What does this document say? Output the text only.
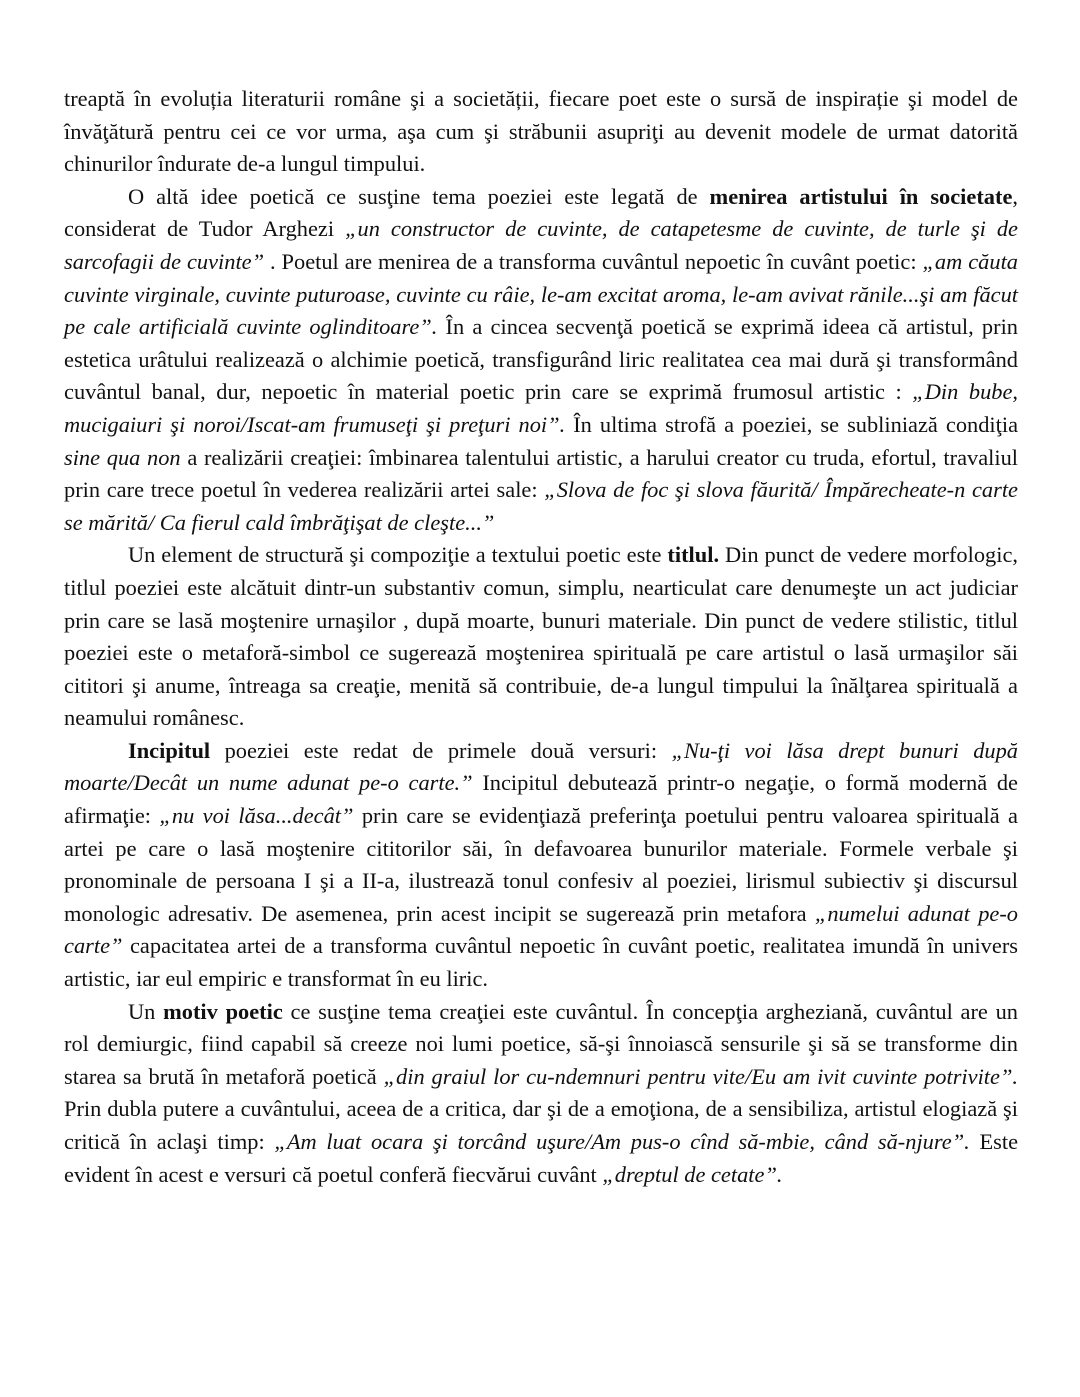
treaptă în evoluția literaturii române şi a societății, fiecare poet este o sursă de inspirație şi model de învăţătură pentru cei ce vor urma, aşa cum şi străbunii asupriţi au devenit modele de urmat datorită chinurilor îndurate de-a lungul timpului.

O altă idee poetică ce susţine tema poeziei este legată de menirea artistului în societate, considerat de Tudor Arghezi „un constructor de cuvinte, de catapetesme de cuvinte, de turle şi de sarcofagii de cuvinte” . Poetul are menirea de a transforma cuvântul nepoetic în cuvânt poetic: „am căuta cuvinte virginale, cuvinte puturoase, cuvinte cu râie, le-am excitat aroma, le-am avivat rănile...şi am făcut pe cale artificială cuvinte oglinditoare”. În a cincea secvenţă poetică se exprimă ideea că artistul, prin estetica urâtului realizează o alchimie poetică, transfigurând liric realitatea cea mai dură şi transformând cuvântul banal, dur, nepoetic în material poetic prin care se exprimă frumosul artistic : „Din bube, mucigaiuri şi noroi/Iscat-am frumuseţi şi preţuri noi”. În ultima strofă a poeziei, se subliniază condiţia sine qua non a realizării creaţiei: îmbinarea talentului artistic, a harului creator cu truda, efortul, travaliul prin care trece poetul în vederea realizării artei sale: „Slova de foc şi slova făurită/ Împărecheate-n carte se mărită/ Ca fierul cald îmbrăţişat de cleşte...”

Un element de structură şi compoziţie a textului poetic este titlul. Din punct de vedere morfologic, titlul poeziei este alcătuit dintr-un substantiv comun, simplu, nearticulat care denumeşte un act judiciar prin care se lasă moştenire urnaşilor , după moarte, bunuri materiale. Din punct de vedere stilistic, titlul poeziei este o metaforă-simbol ce sugerează moştenirea spirituală pe care artistul o lasă urmaşilor săi cititori şi anume, întreaga sa creaţie, menită să contribuie, de-a lungul timpului la înălţarea spirituală a neamului românesc.

Incipitul poeziei este redat de primele două versuri: „Nu-ţi voi lăsa drept bunuri după moarte/Decât un nume adunat pe-o carte.” Incipitul debutează printr-o negaţie, o formă modernă de afirmaţie: „nu voi lăsa...decât” prin care se evidenţiază preferinţa poetului pentru valoarea spirituală a artei pe care o lasă moştenire cititorilor săi, în defavoarea bunurilor materiale. Formele verbale şi pronominale de persoana I şi a II-a, ilustrează tonul confesiv al poeziei, lirismul subiectiv şi discursul monologic adresativ. De asemenea, prin acest incipit se sugerează prin metafora „numelui adunat pe-o carte” capacitatea artei de a transforma cuvântul nepoetic în cuvânt poetic, realitatea imundă în univers artistic, iar eul empiric e transformat în eu liric.

Un motiv poetic ce susţine tema creaţiei este cuvântul. În concepţia argheziană, cuvântul are un rol demiurgic, fiind capabil să creeze noi lumi poetice, să-şi înnoiască sensurile şi să se transforme din starea sa brută în metaforă poetică „din graiul lor cu-ndemnuri pentru vite/Eu am ivit cuvinte potrivite”. Prin dubla putere a cuvântului, aceea de a critica, dar şi de a emoţiona, de a sensibiliza, artistul elogiază şi critică în aclaşi timp: „Am luat ocara şi torcând uşure/Am pus-o cînd să-mbie, când să-njure”. Este evident în acest e versuri că poetul conferă fiecvărui cuvânt „dreptul de cetate”.
